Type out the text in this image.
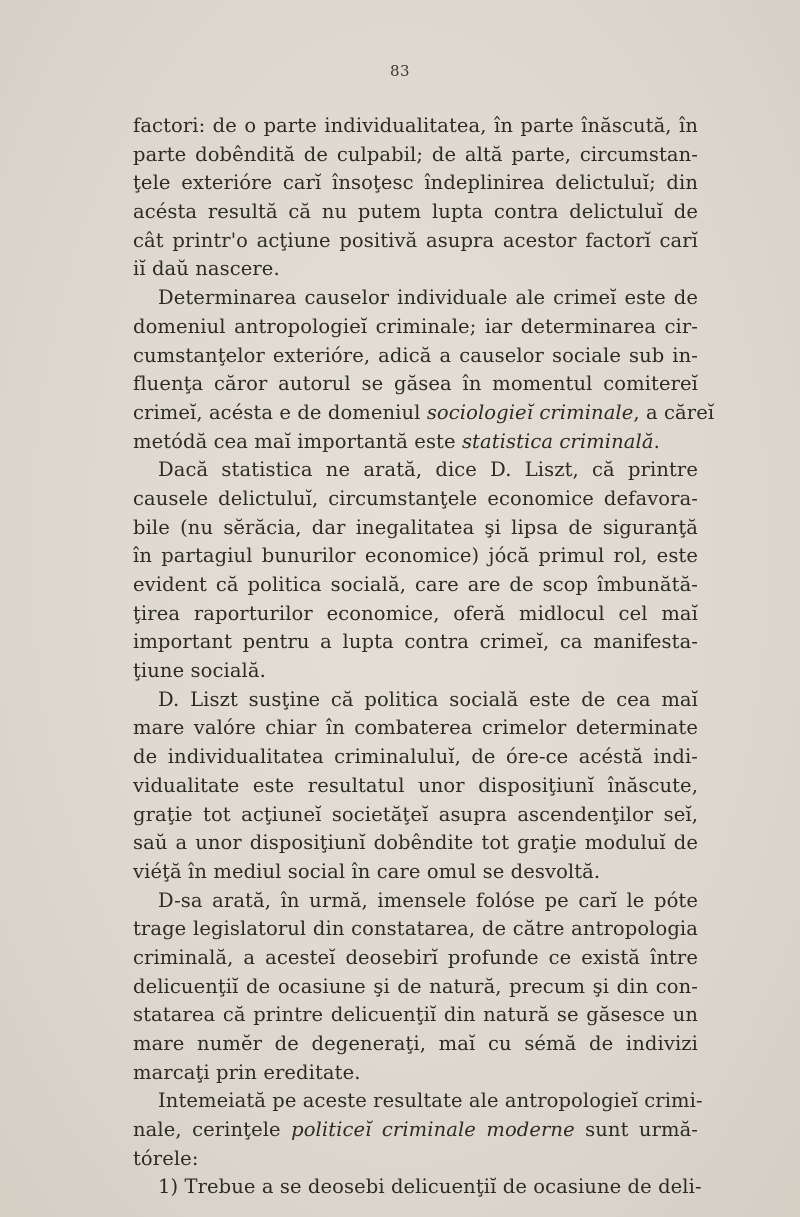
83
factori: de o parte individualitatea, în parte înăscută, în
parte dobêndită de culpabil; de altă parte, circumstan-
ţele exterióre carĭ însoţesc îndeplinirea delictuluĭ; din
acésta resultă că nu putem lupta contra delictuluĭ de
cât printr'o acţiune positivă asupra acestor factorĭ carĭ
iĭ daŭ nascere.
Determinarea causelor individuale ale crimeĭ este de
domeniul antropologieĭ criminale; iar determinarea cir-
cumstanţelor exterióre, adică a causelor sociale sub in-
fluenţa căror autorul se găsea în momentul comitereĭ
crimeĭ, acésta e de domeniul sociologieĭ criminale, a căreĭ
metódă cea maĭ importantă este statistica criminală.
Dacă statistica ne arată, dice D. Liszt, că printre
causele delictuluĭ, circumstanţele economice defavora-
bile (nu sĕrăcia, dar inegalitatea şi lipsa de siguranţă
în partagiul bunurilor economice) jócă primul rol, este
evident că politica socială, care are de scop îmbunătă-
ţirea raporturilor economice, oferă midlocul cel maĭ
important pentru a lupta contra crimeĭ, ca manifesta-
ţiune socială.
D. Liszt susţine că politica socială este de cea maĭ
mare valóre chiar în combaterea crimelor determinate
de individualitatea criminaluluĭ, de óre-ce acéstă indi-
vidualitate este resultatul unor disposiţiunĭ înăscute,
graţie tot acţiuneĭ societăţeĭ asupra ascendenţilor seĭ,
saŭ a unor disposiţiunĭ dobêndite tot graţie moduluĭ de
viéţă în mediul social în care omul se desvoltă.
D-sa arată, în urmă, imensele folóse pe carĭ le póte
trage legislatorul din constatarea, de către antropologia
criminală, a acesteĭ deosebirĭ profunde ce există între
delicuenţiĭ de ocasiune şi de natură, precum şi din con-
statarea că printre delicuenţiĭ din natură se găsesce un
mare numĕr de degeneraţi, maĭ cu sémă de indivizi
marcaţi prin ereditate.
Intemeiată pe aceste resultate ale antropologieĭ crimi-
nale, cerinţele politiceĭ criminale moderne sunt urmă-
tórele:
1) Trebue a se deosebi delicuenţiĭ de ocasiune de deli-
